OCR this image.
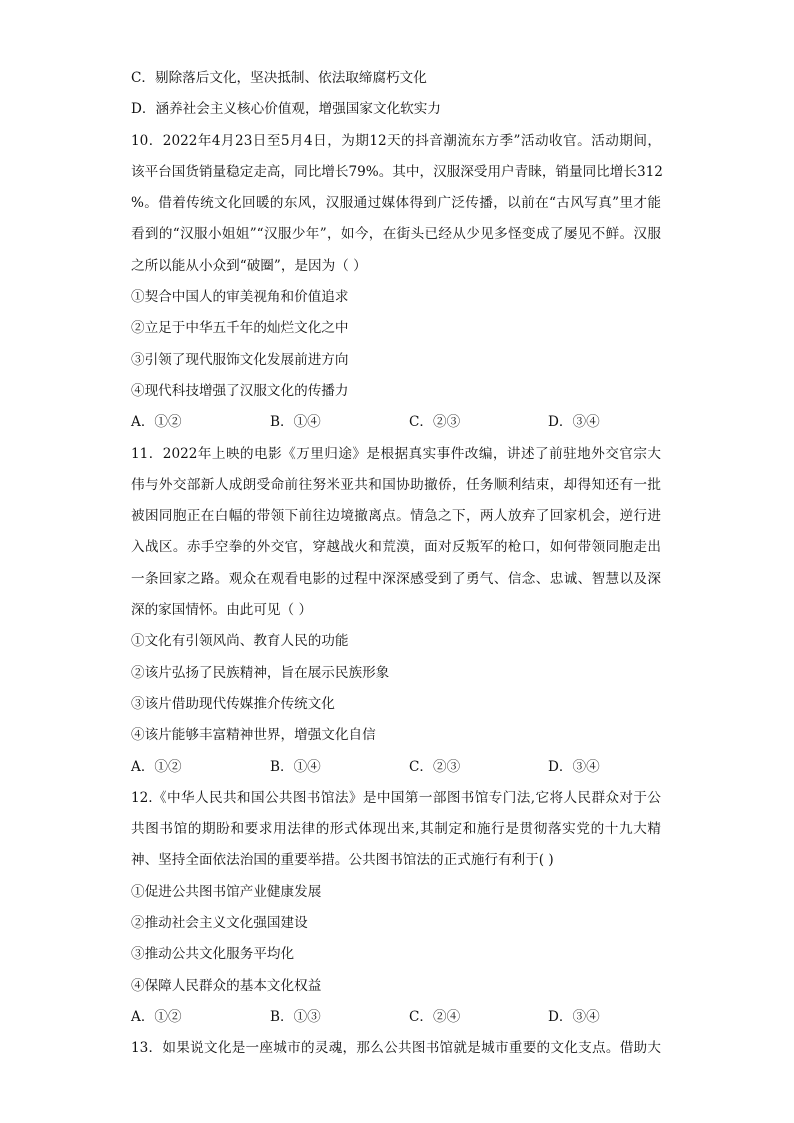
C．剔除落后文化，坚决抵制、依法取缔腐朽文化
D．涵养社会主义核心价值观，增强国家文化软实力
10．2022年4月23日至5月4日，为期12天的抖音潮流东方季”活动收官。活动期间，
该平台国货销量稳定走高，同比增长79%。其中，汉服深受用户青睐，销量同比增长312
%。借着传统文化回暖的东风，汉服通过媒体得到广泛传播，以前在“古风写真”里才能
看到的“汉服小姐姐”“汉服少年”，如今，在街头已经从少见多怪变成了屡见不鲜。汉服
之所以能从小众到“破圈”，是因为（ ）
①契合中国人的审美视角和价值追求
②立足于中华五千年的灿烂文化之中
③引领了现代服饰文化发展前进方向
④现代科技增强了汉服文化的传播力
A．①②	B．①④	C．②③	D．③④
11．2022年上映的电影《万里归途》是根据真实事件改编，讲述了前驻地外交官宗大
伟与外交部新人成朗受命前往努米亚共和国协助撤侨，任务顺利结束，却得知还有一批
被困同胞正在白幅的带领下前往边境撤离点。情急之下，两人放弃了回家机会，逆行进
入战区。赤手空拳的外交官，穿越战火和荒漠，面对反叛军的枪口，如何带领同胞走出
一条回家之路。观众在观看电影的过程中深深感受到了勇气、信念、忠诚、智慧以及深
深的家国情怀。由此可见（ ）
①文化有引领风尚、教育人民的功能
②该片弘扬了民族精神，旨在展示民族形象
③该片借助现代传媒推介传统文化
④该片能够丰富精神世界，增强文化自信
A．①②	B．①④	C．②③	D．③④
12.《中华人民共和国公共图书馆法》是中国第一部图书馆专门法,它将人民群众对于公
共图书馆的期盼和要求用法律的形式体现出来,其制定和施行是贯彻落实党的十九大精
神、坚持全面依法治国的重要举措。公共图书馆法的正式施行有利于( )
①促进公共图书馆产业健康发展
②推动社会主义文化强国建设
③推动公共文化服务平均化
④保障人民群众的基本文化权益
A．①②	B．①③	C．②④	D．③④
13．如果说文化是一座城市的灵魂，那么公共图书馆就是城市重要的文化支点。借助大
